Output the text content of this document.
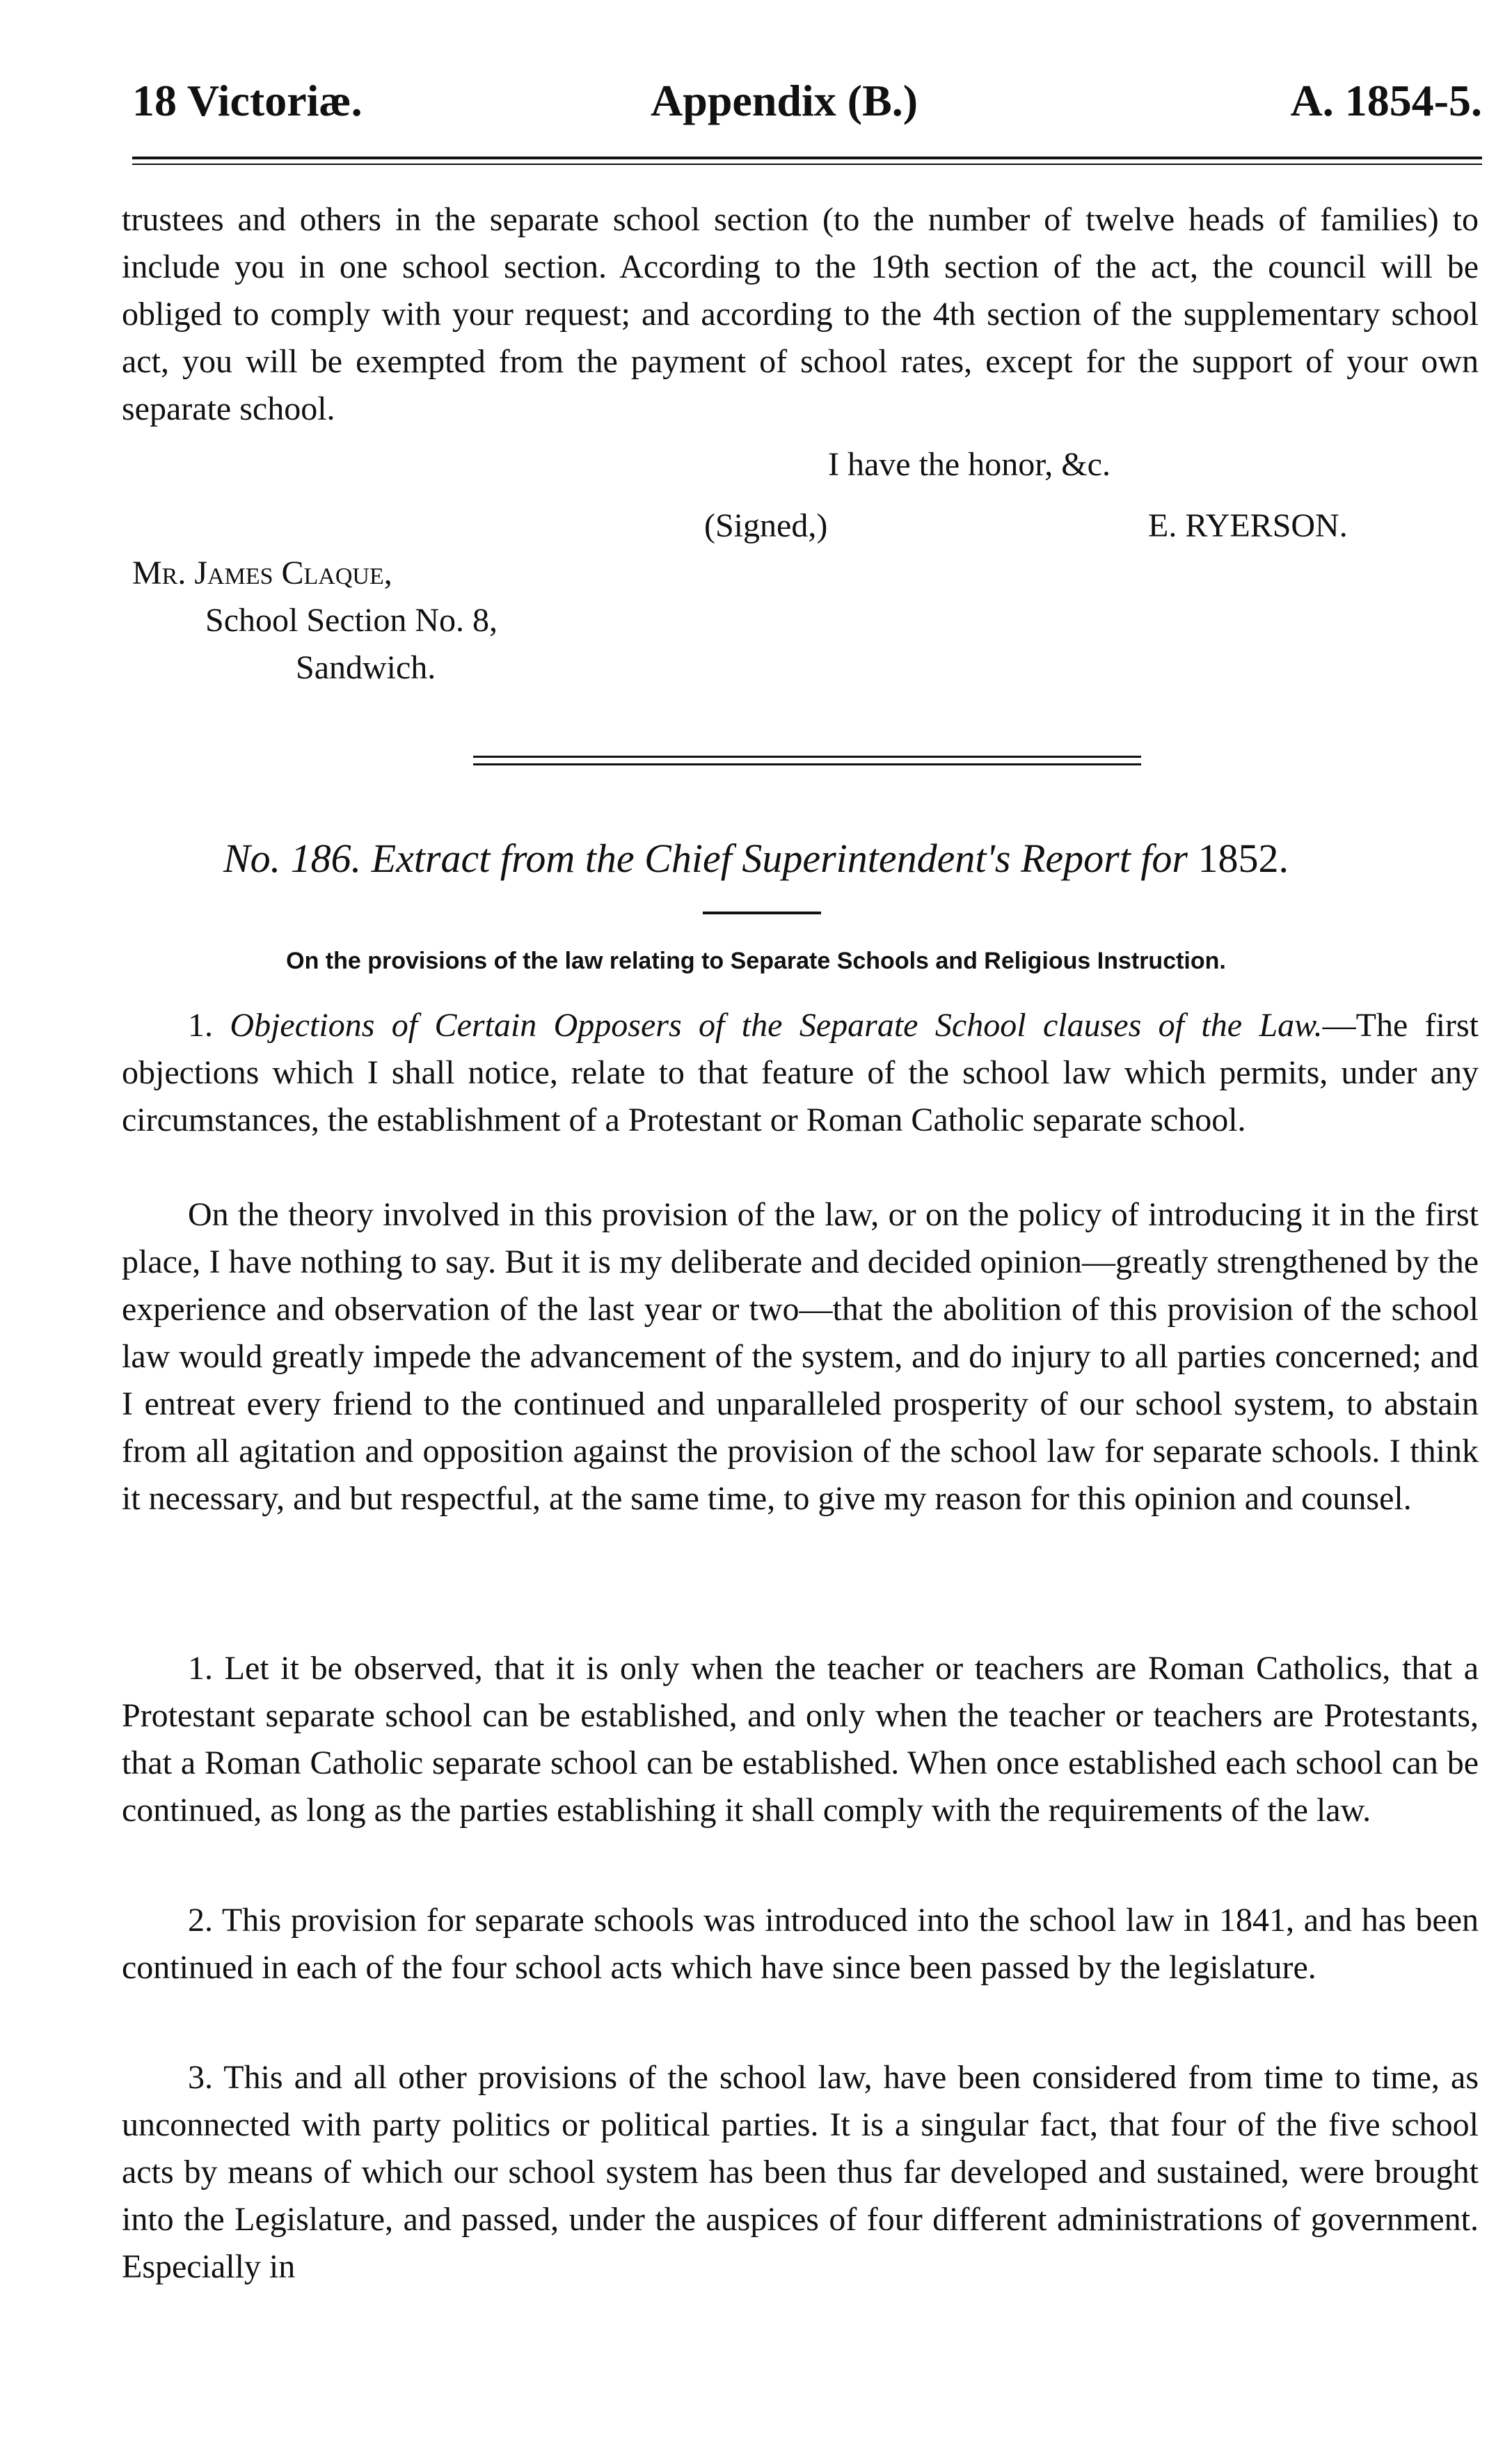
18 Victoriæ.	Appendix (B.)	A. 1854-5.

trustees and others in the separate school section (to the number of twelve heads of families) to include you in one school section. According to the 19th section of the act, the council will be obliged to comply with your request; and according to the 4th section of the supplementary school act, you will be exempted from the payment of school rates, except for the support of your own separate school.

I have the honor, &c.
(Signed,)	E. RYERSON.
Mr. James Claque,
School Section No. 8,
Sandwich.
No. 186. Extract from the Chief Superintendent's Report for 1852.
On the provisions of the law relating to Separate Schools and Religious Instruction.

1. Objections of Certain Opposers of the Separate School clauses of the Law.—The first objections which I shall notice, relate to that feature of the school law which permits, under any circumstances, the establishment of a Protestant or Roman Catholic separate school.

On the theory involved in this provision of the law, or on the policy of introducing it in the first place, I have nothing to say. But it is my deliberate and decided opinion—greatly strengthened by the experience and observation of the last year or two—that the abolition of this provision of the school law would greatly impede the advancement of the system, and do injury to all parties concerned; and I entreat every friend to the continued and unparalleled prosperity of our school system, to abstain from all agitation and opposition against the provision of the school law for separate schools. I think it necessary, and but respectful, at the same time, to give my reason for this opinion and counsel.

1. Let it be observed, that it is only when the teacher or teachers are Roman Catholics, that a Protestant separate school can be established, and only when the teacher or teachers are Protestants, that a Roman Catholic separate school can be established. When once established each school can be continued, as long as the parties establishing it shall comply with the requirements of the law.

2. This provision for separate schools was introduced into the school law in 1841, and has been continued in each of the four school acts which have since been passed by the legislature.

3. This and all other provisions of the school law, have been considered from time to time, as unconnected with party politics or political parties. It is a singular fact, that four of the five school acts by means of which our school system has been thus far developed and sustained, were brought into the Legislature, and passed, under the auspices of four different administrations of government. Especially in
